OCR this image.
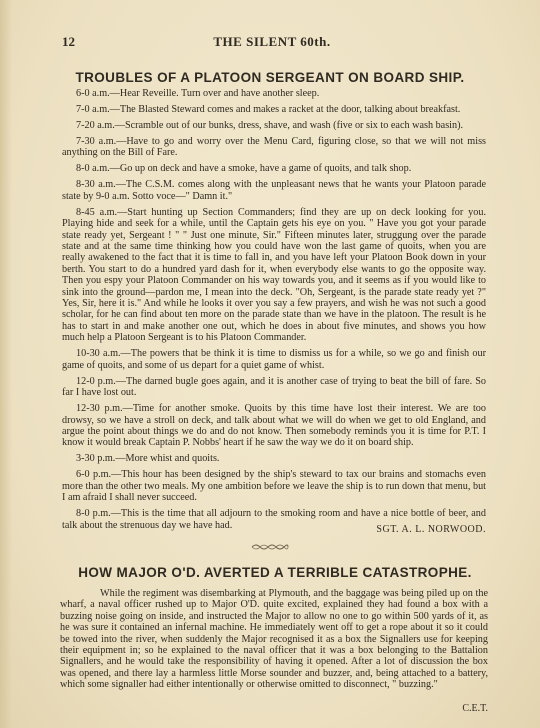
12	THE SILENT 60th.
TROUBLES OF A PLATOON SERGEANT ON BOARD SHIP.

6-0 a.m.—Hear Reveille. Turn over and have another sleep.

7-0 a.m.—The Blasted Steward comes and makes a racket at the door, talking about breakfast.

7-20 a.m.—Scramble out of our bunks, dress, shave, and wash (five or six to each wash basin).

7-30 a.m.—Have to go and worry over the Menu Card, figuring close, so that we will not miss anything on the Bill of Fare.

8-0 a.m.—Go up on deck and have a smoke, have a game of quoits, and talk shop.

8-30 a.m.—The C.S.M. comes along with the unpleasant news that he wants your Platoon parade state by 9-0 a.m. Sotto voce—" Damn it."

8-45 a.m.—Start hunting up Section Commanders; find they are up on deck looking for you. Playing hide and seek for a while, until the Captain gets his eye on you. " Have you got your parade state ready yet, Sergeant ! " " Just one minute, Sir." Fifteen minutes later, struggung over the parade state and at the same time thinking how you could have won the last game of quoits, when you are really awakened to the fact that it is time to fall in, and you have left your Platoon Book down in your berth. You start to do a hundred yard dash for it, when everybody else wants to go the opposite way. Then you espy your Platoon Commander on his way towards you, and it seems as if you would like to sink into the ground—pardon me, I mean into the deck. "Oh, Sergeant, is the parade state ready yet ?" Yes, Sir, here it is." And while he looks it over you say a few prayers, and wish he was not such a good scholar, for he can find about ten more on the parade state than we have in the platoon. The result is he has to start in and make another one out, which he does in about five minutes, and shows you how much help a Platoon Sergeant is to his Platoon Commander.

10-30 a.m.—The powers that be think it is time to dismiss us for a while, so we go and finish our game of quoits, and some of us depart for a quiet game of whist.

12-0 p.m.—The darned bugle goes again, and it is another case of trying to beat the bill of fare. So far I have lost out.

12-30 p.m.—Time for another smoke. Quoits by this time have lost their interest. We are too drowsy, so we have a stroll on deck, and talk about what we will do when we get to old England, and argue the point about things we do and do not know. Then somebody reminds you it is time for P.T. I know it would break Captain P. Nobbs' heart if he saw the way we do it on board ship.

3-30 p.m.—More whist and quoits.

6-0 p.m.—This hour has been designed by the ship's steward to tax our brains and stomachs even more than the other two meals. My one ambition before we leave the ship is to run down that menu, but I am afraid I shall never succeed.

8-0 p.m.—This is the time that all adjourn to the smoking room and have a nice bottle of beer, and talk about the strenuous day we have had.	SGT. A. L. NORWOOD.
HOW MAJOR O'D. AVERTED A TERRIBLE CATASTROPHE.

While the regiment was disembarking at Plymouth, and the baggage was being piled up on the wharf, a naval officer rushed up to Major O'D. quite excited, explained they had found a box with a buzzing noise going on inside, and instructed the Major to allow no one to go within 500 yards of it, as he was sure it contained an infernal machine. He immediately went off to get a rope about it so it could be towed into the river, when suddenly the Major recognised it as a box the Signallers use for keeping their equipment in; so he explained to the naval officer that it was a box belonging to the Battalion Signallers, and he would take the responsibility of having it opened. After a lot of discussion the box was opened, and there lay a harmless little Morse sounder and buzzer, and, being attached to a battery, which some signaller had either intentionally or otherwise omitted to disconnect, " buzzing."

C.E.T.
